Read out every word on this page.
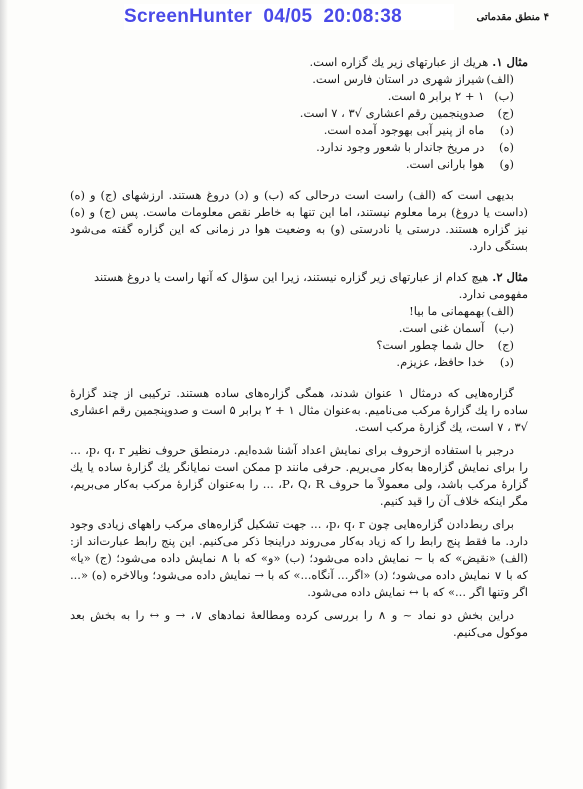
ScreenHunter  04/05  20:08:38	۴ منطق مقدماتی

مثال ۱. هریك از عبارتهای زیر یك گزاره است.

(الف) شیراز شهری در استان فارس است.

(ب) ۱ + ۲ برابر ۵ است.

(ج) صدوپنجمین رقم اعشاری √۳ ، ۷ است.

(د) ماه از پنیر آبی بهوجود آمده است.

(ه) در مریخ جاندار با شعور وجود ندارد.

(و) هوا بارانی است.

بدیهی است که (الف) راست است درحالی که (ب) و (د) دروغ هستند. ارزشهای (ج) و (ه) (داست یا دروغ) برما معلوم نیستند، اما این تنها به خاطر نقص معلومات ماست. پس (ج) و (ه) نیز گزاره هستند. درستی یا نادرستی (و) به وضعیت هوا در زمانی که این گزاره گفته می‌شود بستگی دارد.

مثال ۲. هیچ کدام از عبارتهای زیر گزاره نیستند، زیرا این سؤال که آنها راست یا دروغ هستند مفهومی ندارد.

(الف) بهمهمانی ما بیا!

(ب) آسمان غنی است.

(ج) حال شما چطور است؟

(د) خدا حافظ، عزیزم.

گزاره‌هایی که درمثال ۱ عنوان شدند، همگی گزاره‌های ساده هستند. ترکیبی از چند گزارهٔ ساده را یك گزارهٔ مرکب می‌نامیم. به‌عنوان مثال ۱ + ۲ برابر ۵ است و صدوپنجمین رقم اعشاری √۳ ، ۷ است، یك گزارهٔ مرکب است.

درجبر با استفاده ازحروف برای نمایش اعداد آشنا شده‌ایم. درمنطق حروف نظیر p، q، r، ... را برای نمایش گزاره‌ها به‌کار می‌بریم. حرفی مانند p ممکن است نمایانگر یك گزارهٔ ساده یا یك گزارهٔ مرکب باشد، ولی معمولاً ما حروف P، Q، R، ... را به‌عنوان گزارهٔ مرکب به‌کار می‌بریم، مگر اینکه خلاف آن را قید کنیم.

برای ربط‌دادن گزاره‌هایی چون p، q، r، ... جهت تشکیل گزاره‌های مرکب راههای زیادی وجود دارد. ما فقط پنج رابط را که زیاد به‌کار می‌روند دراینجا ذکر می‌کنیم. این پنج رابط عبارت‌اند از: (الف) «نقیض» که با ~ نمایش داده می‌شود؛ (ب) «و» که با ∧ نمایش داده می‌شود؛ (ج) «یا» که با ∨ نمایش داده می‌شود؛ (د) «اگر... آنگاه...» که با → نمایش داده می‌شود؛ وبالاخره (ه) «... اگر وتنها اگر ...» که با ↔ نمایش داده می‌شود.

دراین بخش دو نماد ~ و ∧ را بررسی کرده ومطالعهٔ نمادهای ∨، → و ↔ را به بخش بعد موکول می‌کنیم.
